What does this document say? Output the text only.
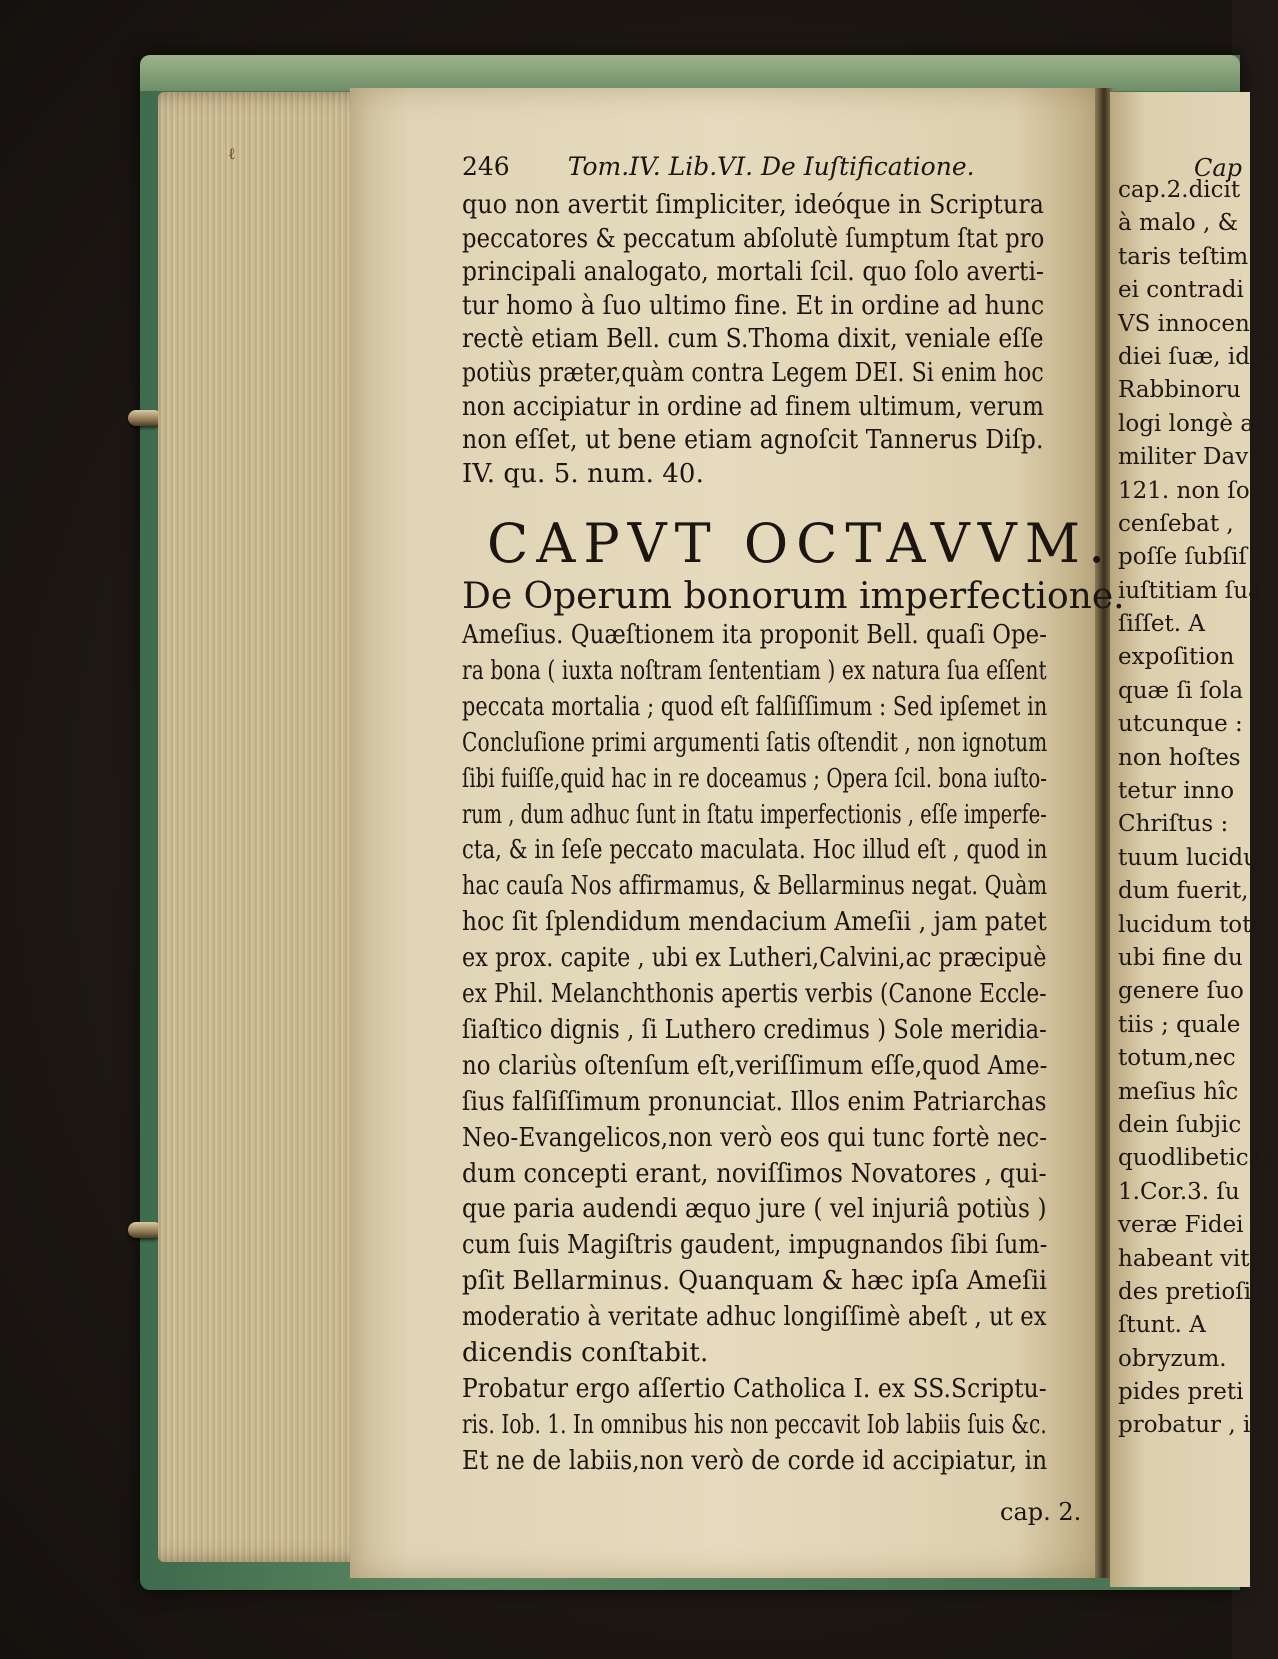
ℓ
Cap
cap.2.dicit
à malo , &
taris teſtim
ei contradi
VS innocen
diei ſuæ, id e
Rabbinoru
logi longè a
militer Dav
121. non ſo
cenſebat ,
poſſe ſubſiſ
iuſtitiam ſua
ſiſſet. A
expoſition
quæ ſi ſola
utcunque :
non hoſtes
tetur inno
Chriſtus :
tuum lucidu
dum fuerit,
lucidum totu
ubi fine du
genere ſuo
tiis ; quale
totum,nec
meſius hîc
dein ſubjic
quodlibeticas
1.Cor.3. ſu
veræ Fidei a
habeant vit
des pretioſi
ſtunt. A
obryzum.
pides preti
probatur , i
246 Tom.IV. Lib.VI. De Iuſtificatione.
quo non avertit ſimpliciter, ideóque in Scriptura
peccatores & peccatum abſolutè ſumptum ſtat pro
principali analogato, mortali ſcil. quo ſolo averti-
tur homo à ſuo ultimo fine. Et in ordine ad hunc
rectè etiam Bell. cum S.Thoma dixit, veniale eſſe
potiùs præter,quàm contra Legem DEI. Si enim hoc
non accipiatur in ordine ad finem ultimum, verum
non eſſet, ut bene etiam agnoſcit Tannerus Diſp.
IV. qu. 5. num. 40.
CAPVT OCTAVVM.
De Operum bonorum imperfectione.
Ameſius. Quæſtionem ita proponit Bell. quaſi Ope-
ra bona ( iuxta noſtram ſententiam ) ex natura ſua eſſent
peccata mortalia ; quod eſt falſiſſimum : Sed ipſemet in
Concluſione primi argumenti ſatis oſtendit , non ignotum
ſibi fuiſſe,quid hac in re doceamus ; Opera ſcil. bona iuſto-
rum , dum adhuc ſunt in ſtatu imperfectionis , eſſe imperfe-
cta, & in ſeſe peccato maculata. Hoc illud eſt , quod in
hac cauſa Nos affirmamus, & Bellarminus negat. Quàm
hoc ſit ſplendidum mendacium Ameſii , jam patet
ex prox. capite , ubi ex Lutheri,Calvini,ac præcipuè
ex Phil. Melanchthonis apertis verbis (Canone Eccle-
ſiaſtico dignis , ſi Luthero credimus ) Sole meridia-
no clariùs oſtenſum eſt,veriſſimum eſſe,quod Ame-
ſius falſiſſimum pronunciat. Illos enim Patriarchas
Neo-Evangelicos,non verò eos qui tunc fortè nec-
dum concepti erant, noviſſimos Novatores , qui-
que paria audendi æquo jure ( vel injuriâ potiùs )
cum ſuis Magiſtris gaudent, impugnandos ſibi ſum-
pſit Bellarminus. Quanquam & hæc ipſa Ameſii
moderatio à veritate adhuc longiſſimè abeſt , ut ex
dicendis conſtabit.
Probatur ergo aſſertio Catholica I. ex SS.Scriptu-
ris. Iob. 1. In omnibus his non peccavit Iob labiis ſuis &c.
Et ne de labiis,non verò de corde id accipiatur, in
cap. 2.
